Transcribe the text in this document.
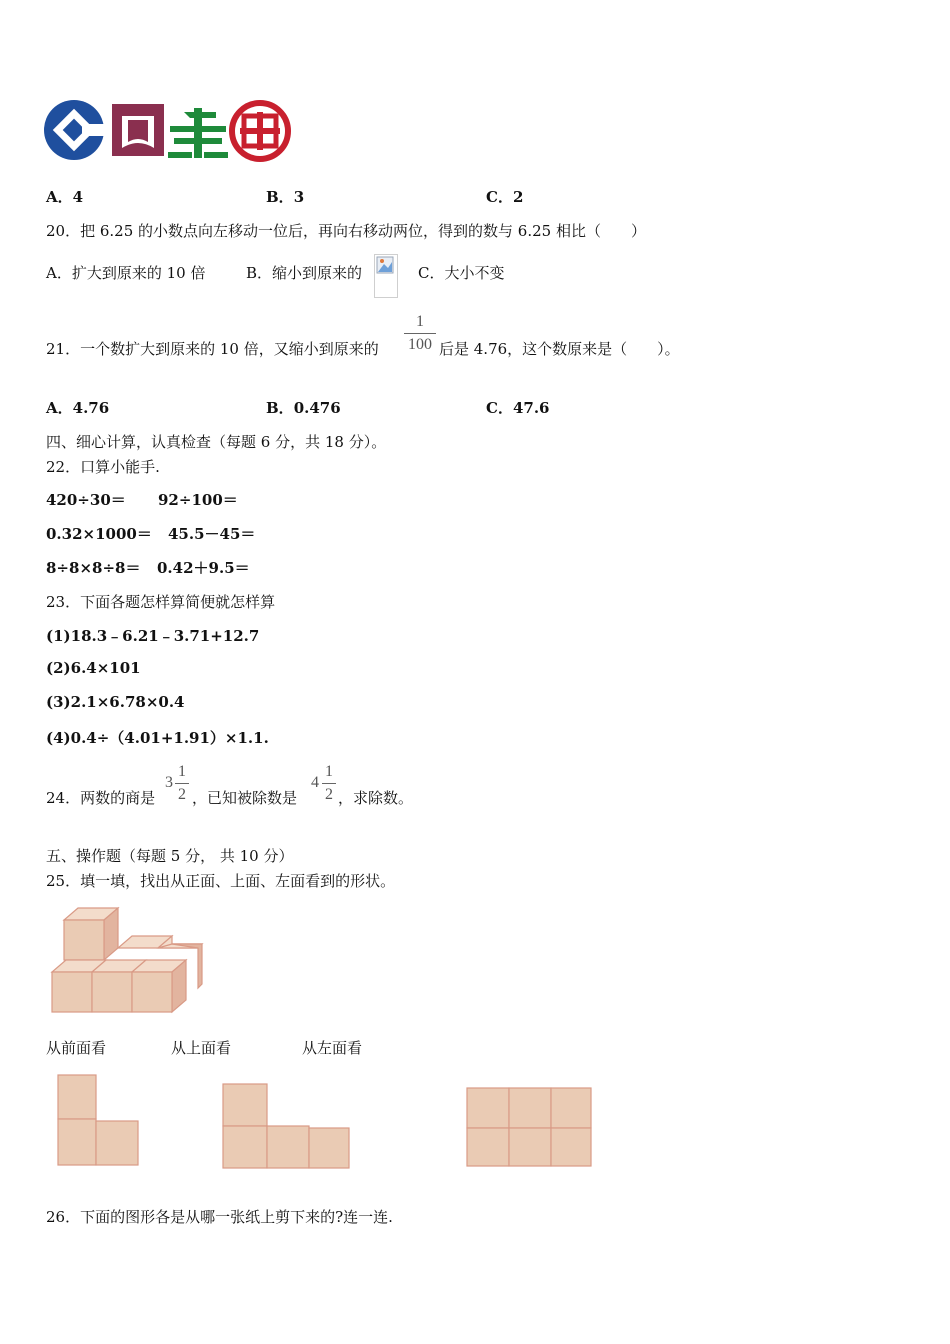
A．4	B．3	C．2
20．把 6.25 的小数点向左移动一位后，再向右移动两位，得到的数与 6.25 相比（　　）
A．扩大到原来的 10 倍	B．缩小到原来的	C．大小不变
21．一个数扩大到原来的 10 倍，又缩小到原来的
1
100 后是 4.76，这个数原来是（　　）。
A．4.76	B．0.476	C．47.6
四、细心计算，认真检查（每题 6 分，共 18 分）。
22．口算小能手.
420÷30＝ 92÷100＝
0.32×1000＝ 45.5－45＝
8÷8×8÷8＝ 0.42＋9.5＝
23．下面各题怎样算简便就怎样算
(1)18.3﹣6.21﹣3.71+12.7
(2)6.4×101
(3)2.1×6.78×0.4
(4)0.4÷（4.01+1.91）×1.1.
24．两数的商是
3
1
2 ，已知被除数是
4
1
2 ，求除数。
五、操作题（每题 5 分， 共 10 分）
25．填一填，找出从正面、上面、左面看到的形状。
从前面看	从上面看	从左面看
26．下面的图形各是从哪一张纸上剪下来的?连一连.
